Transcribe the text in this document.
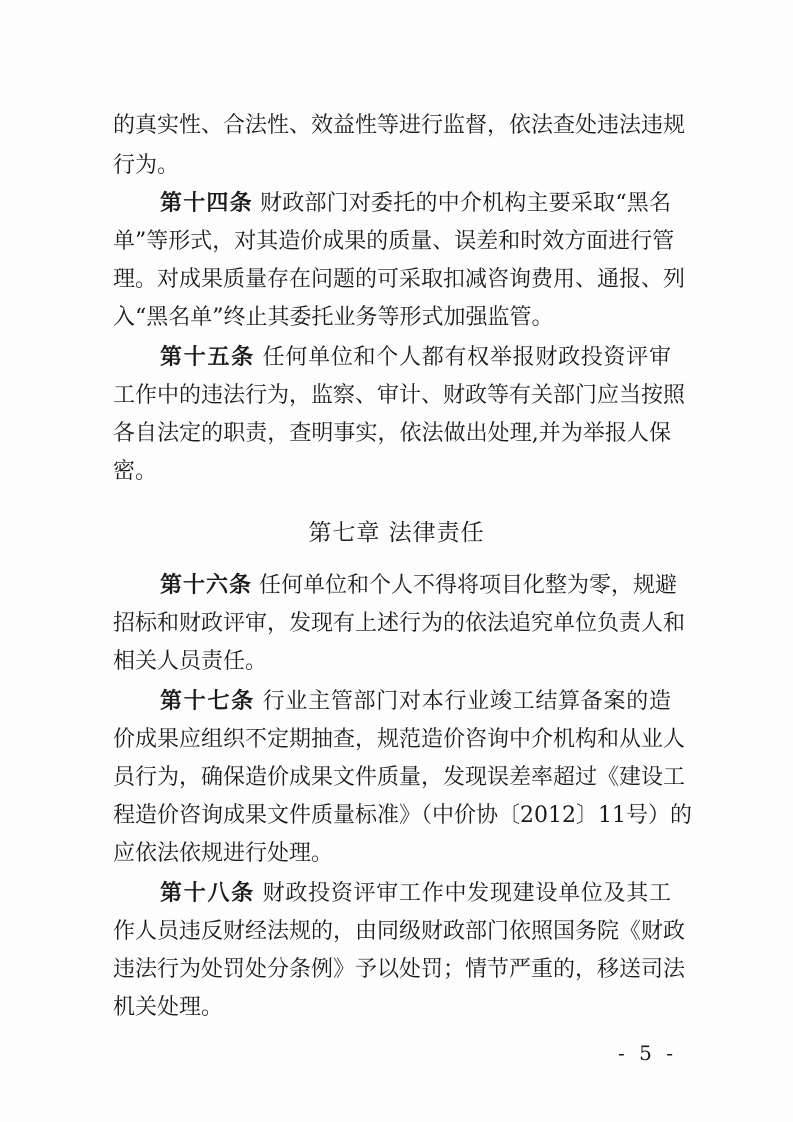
的真实性、合法性、效益性等进行监督，依法查处违法违规
行为。
第十四条 财政部门对委托的中介机构主要采取“黑名
单”等形式，对其造价成果的质量、误差和时效方面进行管
理。对成果质量存在问题的可采取扣减咨询费用、通报、列
入“黑名单”终止其委托业务等形式加强监管。
第十五条 任何单位和个人都有权举报财政投资评审
工作中的违法行为，监察、审计、财政等有关部门应当按照
各自法定的职责，查明事实，依法做出处理,并为举报人保
密。
第七章 法律责任
第十六条 任何单位和个人不得将项目化整为零，规避
招标和财政评审，发现有上述行为的依法追究单位负责人和
相关人员责任。
第十七条 行业主管部门对本行业竣工结算备案的造
价成果应组织不定期抽查，规范造价咨询中介机构和从业人
员行为，确保造价成果文件质量，发现误差率超过《建设工
程造价咨询成果文件质量标准》（中价协〔2012〕11号）的
应依法依规进行处理。
第十八条 财政投资评审工作中发现建设单位及其工
作人员违反财经法规的，由同级财政部门依照国务院《财政
违法行为处罚处分条例》予以处罚；情节严重的，移送司法
机关处理。
- 5 -
